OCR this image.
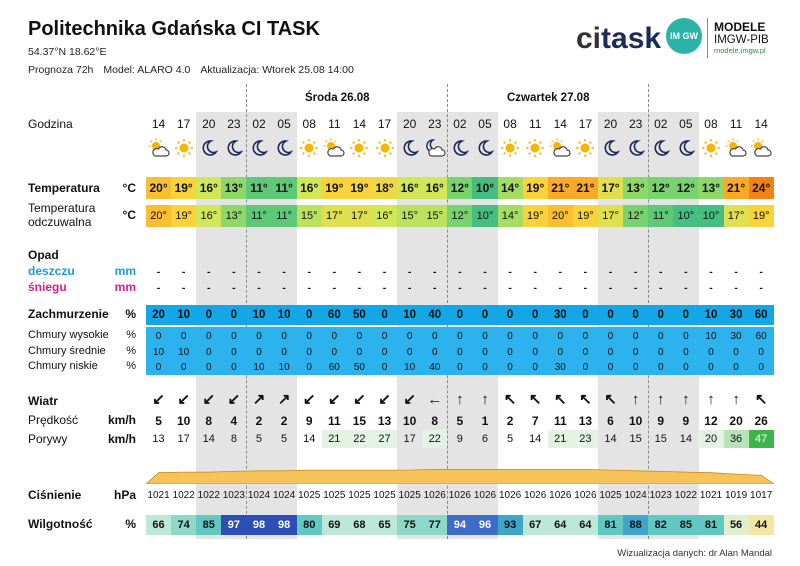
Politechnika Gdańska CI TASK
54.37°N 18.62°E
Prognoza 72h Model: ALARO 4.0 Aktualizacja: Wtorek 25.08 14:00
ci task IM GW
MODELE
IMGW-PIB
modele.imgw.pl
Środa 26.08	Czwartek 27.08
Godzina
Temperatura	°C
Temperatura
odczuwalna	°C
Opad
deszczu	mm
śniegu	mm
Zachmurzenie	%
Chmury wysokie	%
Chmury średnie	%
Chmury niskie	%
Wiatr
Prędkość	km/h
Porywy	km/h
Ciśnienie	hPa
Wilgotność	%
14 17 20 23 02 05 08	11	14 17 20 23 02 05 08	11	14 17 20 23 02 05 08	11	14
20° 19° 16° 13° 11° 11° 16° 19° 19° 18° 16° 16° 12° 10° 14° 19° 21° 21° 17° 13° 12° 12° 13° 21° 24°
20° 19° 16° 13° 11° 11° 15° 17° 17° 16° 15° 15° 12° 10° 14° 19° 20° 19° 17° 12° 11° 10° 10° 17° 19°
-	-	-	-	-	-	-	-	-	-	-	-	-	-	-	-	-	-	-	-	-	-	-	-	-
-	-	-	-	-	-	-	-	-	-	-	-	-	-	-	-	-	-	-	-	-	-	-	-	-
20	10	0	0	10	10	0	60	50	0	10	40	0	0	0	0	30	0	0	0	0	0	10	30	60
0	0	0	0	0	0	0	0	0	0	0	0	0	0	0	0	0	0	0	0	0	0	10	30	60
10	10	0	0	0	0	0	0	0	0	0	0	0	0	0	0	0	0	0	0	0	0	0	0	0
0	0	0	0	10	10	0	60	50	0	10	40	0	0	0	0	30	0	0	0	0	0	0	0	0
↙ ↙ ↙ ↙ ↗ ↗ ↙ ↙ ↙ ↙ ↙ ← ↑	↑	↖ ↖ ↖ ↖ ↖	↑	↑	↑	↑	↑	↖
5	10	8	4	2	2	9	11	15 13 10	8	5	1	2	7	11	13	6	10	9	9	12 20 26
13	17	14	8	5	5	14	21	22	27	17	22	9	6	5	14	21	23	14	15	15	14	20	36	47
1021 1022 1022 1023 1024 1024 1025 1025 1025 1025 1025 1026 1026 1026 1026 1026 1026 1026 1025 1024 1023 1022 1021 1019 1017
66	74	85	97	98	98	80	69	68	65	75	77	94	96	93	67	64	64	81	88	82	85	81	56	44
Wizualizacja danych: dr Alan Mandal
